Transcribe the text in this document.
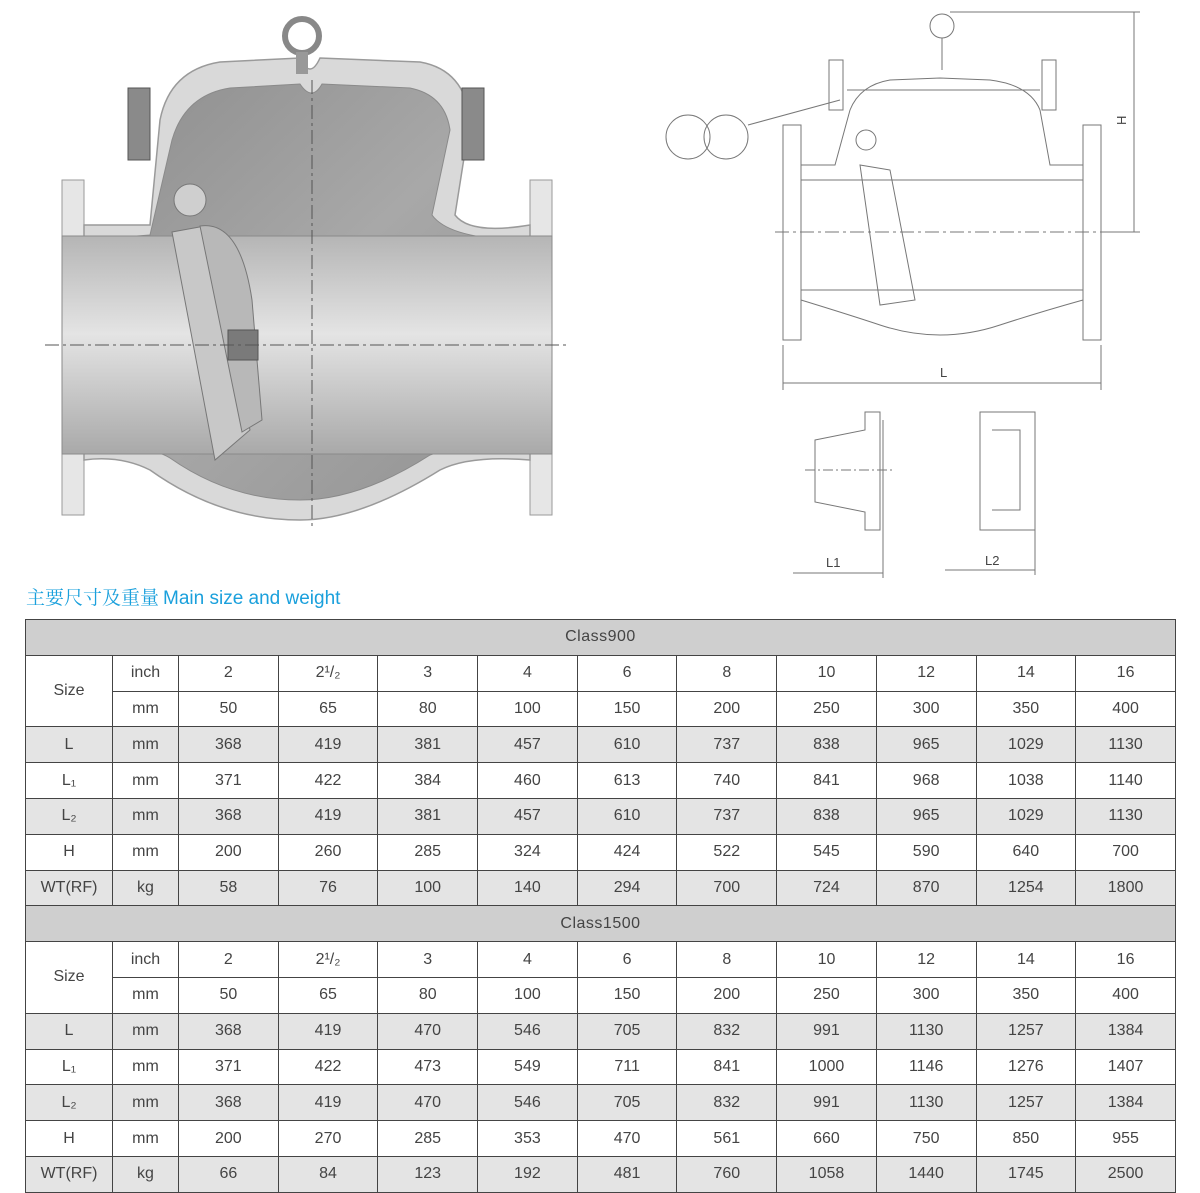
H
L
L1	L2
主要尺寸及重量 Main size and weight
Class900											
Size	inch	2	2¹/₂	3	4	6	8	10	12	14	16
	mm	50	65	80	100	150	200	250	300	350	400
L	mm	368	419	381	457	610	737	838	965	1029	1130
L₁	mm	371	422	384	460	613	740	841	968	1038	1140
L₂	mm	368	419	381	457	610	737	838	965	1029	1130
H	mm	200	260	285	324	424	522	545	590	640	700
WT(RF)	kg	58	76	100	140	294	700	724	870	1254	1800
Class1500											
Size	inch	2	2¹/₂	3	4	6	8	10	12	14	16
	mm	50	65	80	100	150	200	250	300	350	400
L	mm	368	419	470	546	705	832	991	1130	1257	1384
L₁	mm	371	422	473	549	711	841	1000	1146	1276	1407
L₂	mm	368	419	470	546	705	832	991	1130	1257	1384
H	mm	200	270	285	353	470	561	660	750	850	955
WT(RF)	kg	66	84	123	192	481	760	1058	1440	1745	2500
